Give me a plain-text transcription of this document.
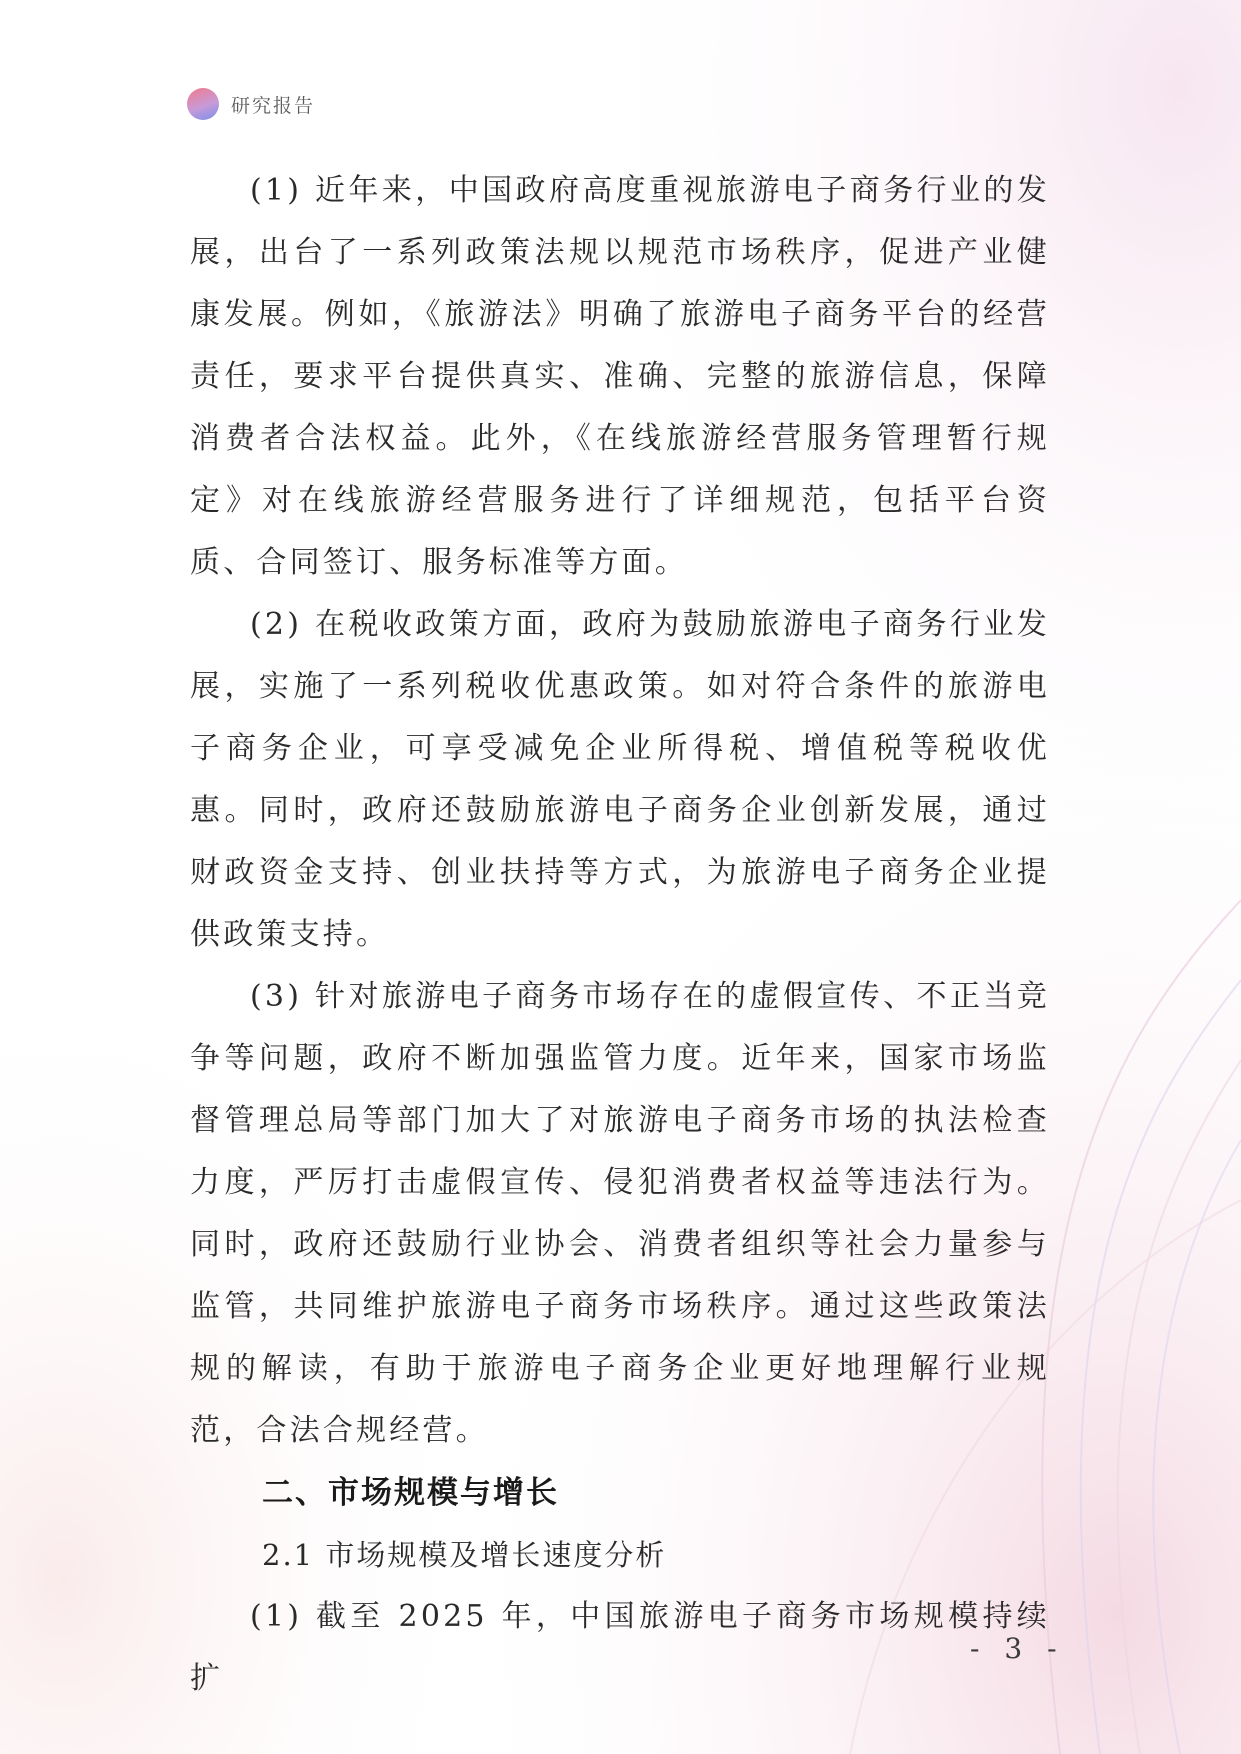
研究报告

(1) 近年来，中国政府高度重视旅游电子商务行业的发展，出台了一系列政策法规以规范市场秩序，促进产业健康发展。例如，《旅游法》明确了旅游电子商务平台的经营责任，要求平台提供真实、准确、完整的旅游信息，保障消费者合法权益。此外，《在线旅游经营服务管理暂行规定》对在线旅游经营服务进行了详细规范，包括平台资质、合同签订、服务标准等方面。

(2) 在税收政策方面，政府为鼓励旅游电子商务行业发展，实施了一系列税收优惠政策。如对符合条件的旅游电子商务企业，可享受减免企业所得税、增值税等税收优惠。同时，政府还鼓励旅游电子商务企业创新发展，通过财政资金支持、创业扶持等方式，为旅游电子商务企业提供政策支持。

(3) 针对旅游电子商务市场存在的虚假宣传、不正当竞争等问题，政府不断加强监管力度。近年来，国家市场监督管理总局等部门加大了对旅游电子商务市场的执法检查力度，严厉打击虚假宣传、侵犯消费者权益等违法行为。同时，政府还鼓励行业协会、消费者组织等社会力量参与监管，共同维护旅游电子商务市场秩序。通过这些政策法规的解读，有助于旅游电子商务企业更好地理解行业规范，合法合规经营。

二、市场规模与增长

2.1 市场规模及增长速度分析

(1) 截至 2025 年，中国旅游电子商务市场规模持续扩

- 3 -
